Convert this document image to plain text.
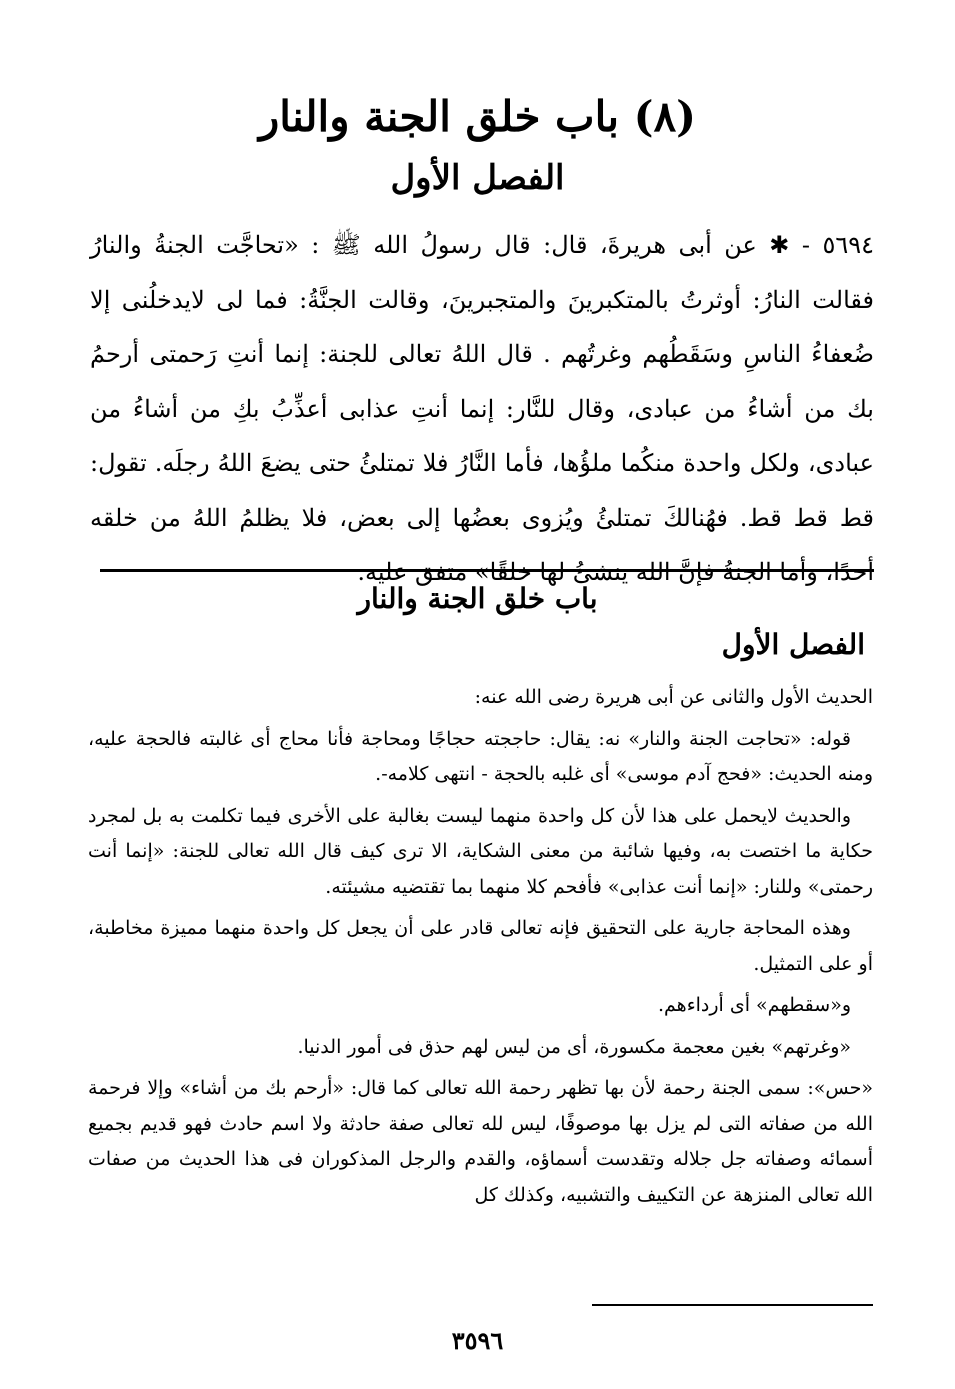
(٨) باب خلق الجنة والنار
الفصل الأول

٥٦٩٤ - ✱ عن أبى هريرةَ، قال: قال رسولُ الله ﷺ : «تحاجَّت الجنةُ والنارُ فقالت النارُ: أوثرتُ بالمتكبرينَ والمتجبرينَ، وقالت الجنَّةُ: فما لى لايدخلُنى إلا ضُعفاءُ الناسِ وسَقَطُهم وغرتُهم . قال اللهُ تعالى للجنة: إنما أنتِ رَحمتى أرحمُ بك من أشاءُ من عبادى، وقال للنَّار: إنما أنتِ عذابى أعذِّبُ بكِ من أشاءُ من عبادى، ولكل واحدة منكُما ملؤُها، فأما النَّارُ فلا تمتلئُ حتى يضعَ اللهُ رجلَه. تقول: قط قط قط. فهُنالكَ تمتلئُ ويُزوى بعضُها إلى بعض، فلا يظلمُ اللهُ من خلقه أحدًا، وأما الجنةُ فإنَّ الله ينشئُ لها خلقًا» متفق عليه.

باب خلق الجنة والنار
الفصل الأول

الحديث الأول والثانى عن أبى هريرة رضى الله عنه:

قوله: «تحاجت الجنة والنار» نه: يقال: حاججته حجاجًا ومحاجة فأنا محاج أى غالبته فالحجة عليه، ومنه الحديث: «فحج آدم موسى» أى غلبه بالحجة - انتهى كلامه-.

والحديث لايحمل على هذا لأن كل واحدة منهما ليست بغالبة على الأخرى فيما تكلمت به بل لمجرد حكاية ما اختصت به، وفيها شائبة من معنى الشكاية، الا ترى كيف قال الله تعالى للجنة: «إنما أنت رحمتى» وللنار: «إنما أنت عذابى» فأفحم كلا منهما بما تقتضيه مشيئته.

وهذه المحاجة جارية على التحقيق فإنه تعالى قادر على أن يجعل كل واحدة منهما مميزة مخاطبة، أو على التمثيل.

و«سقطهم» أى أرداءهم.

«وغرتهم» بغين معجمة مكسورة، أى من ليس لهم حذق فى أمور الدنيا.

«حس»: سمى الجنة رحمة لأن بها تظهر رحمة الله تعالى كما قال: «أرحم بك من أشاء» وإلا فرحمة الله من صفاته التى لم يزل بها موصوفًا، ليس لله تعالى صفة حادثة ولا اسم حادث فهو قديم بجميع أسمائه وصفاته جل جلاله وتقدست أسماؤه، والقدم والرجل المذكوران فى هذا الحديث من صفات الله تعالى المنزهة عن التكييف والتشبيه، وكذلك كل

٣٥٩٦
